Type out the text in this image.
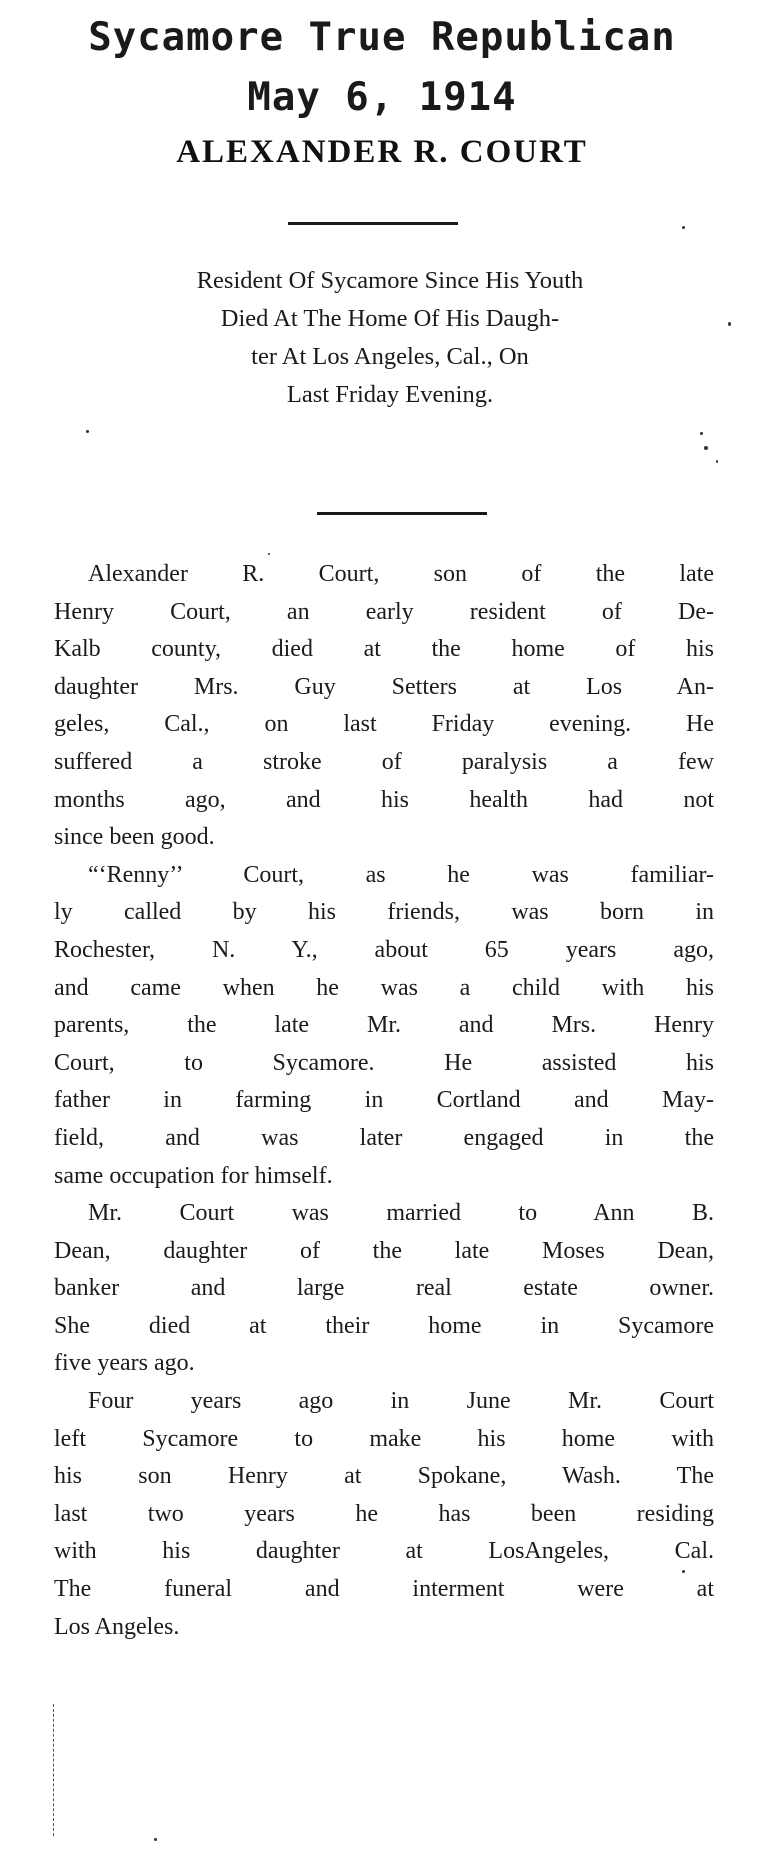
Sycamore True Republican
May 6, 1914
ALEXANDER R. COURT
Resident Of Sycamore Since His Youth
Died At The Home Of His Daugh-
ter At Los Angeles, Cal., On
Last Friday Evening.
Alexander R. Court, son of the late
Henry Court, an early resident of De-
Kalb county, died at the home of his
daughter Mrs. Guy Setters at Los An-
geles, Cal., on last Friday evening. He
suffered a stroke of paralysis a few
months ago, and his health had not
since been good.
“‘Renny’’ Court, as he was familiar-
ly called by his friends, was born in
Rochester, N. Y., about 65 years ago,
and came when he was a child with his
parents, the late Mr. and Mrs. Henry
Court, to Sycamore. He assisted his
father in farming in Cortland and May-
field, and was later engaged in the
same occupation for himself.
Mr. Court was married to Ann B.
Dean, daughter of the late Moses Dean,
banker and large real estate owner.
She died at their home in Sycamore
five years ago.
Four years ago in June Mr. Court
left Sycamore to make his home with
his son Henry at Spokane, Wash. The
last two years he has been residing
with his daughter at LosAngeles, Cal.
The funeral and interment were at
Los Angeles.
